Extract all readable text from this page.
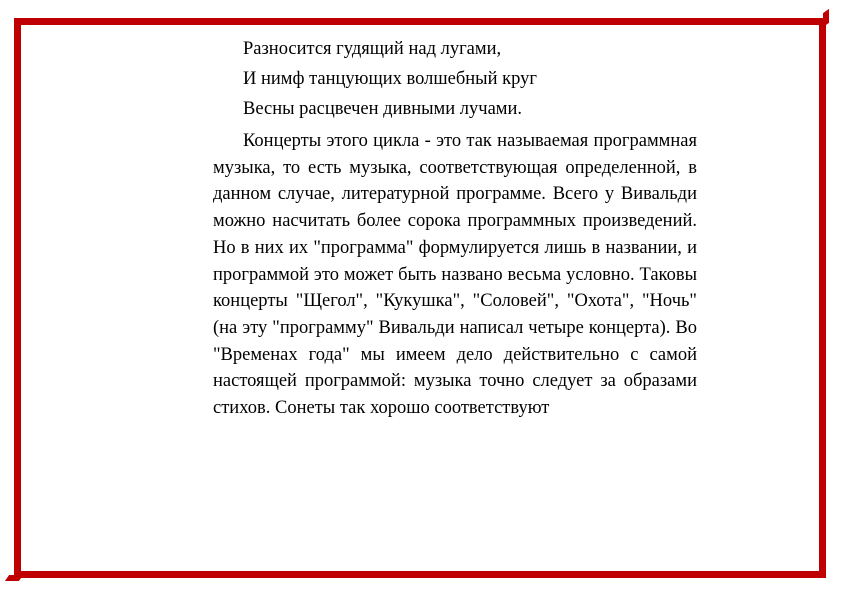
Разносится гудящий над лугами,

И нимф танцующих волшебный круг

Весны расцвечен дивными лучами.

Концерты этого цикла - это так называемая программная музыка, то есть музыка, соответствующая определенной, в данном случае, литературной программе. Всего у Вивальди можно насчитать более сорока программных произведений. Но в них их "программа" формулируется лишь в названии, и программой это может быть названо весьма условно. Таковы концерты "Щегол", "Кукушка", "Соловей", "Охота", "Ночь" (на эту "программу" Вивальди написал четыре концерта). Во "Временах года" мы имеем дело действительно с самой настоящей программой: музыка точно следует за образами стихов. Сонеты так хорошо соответствуют
